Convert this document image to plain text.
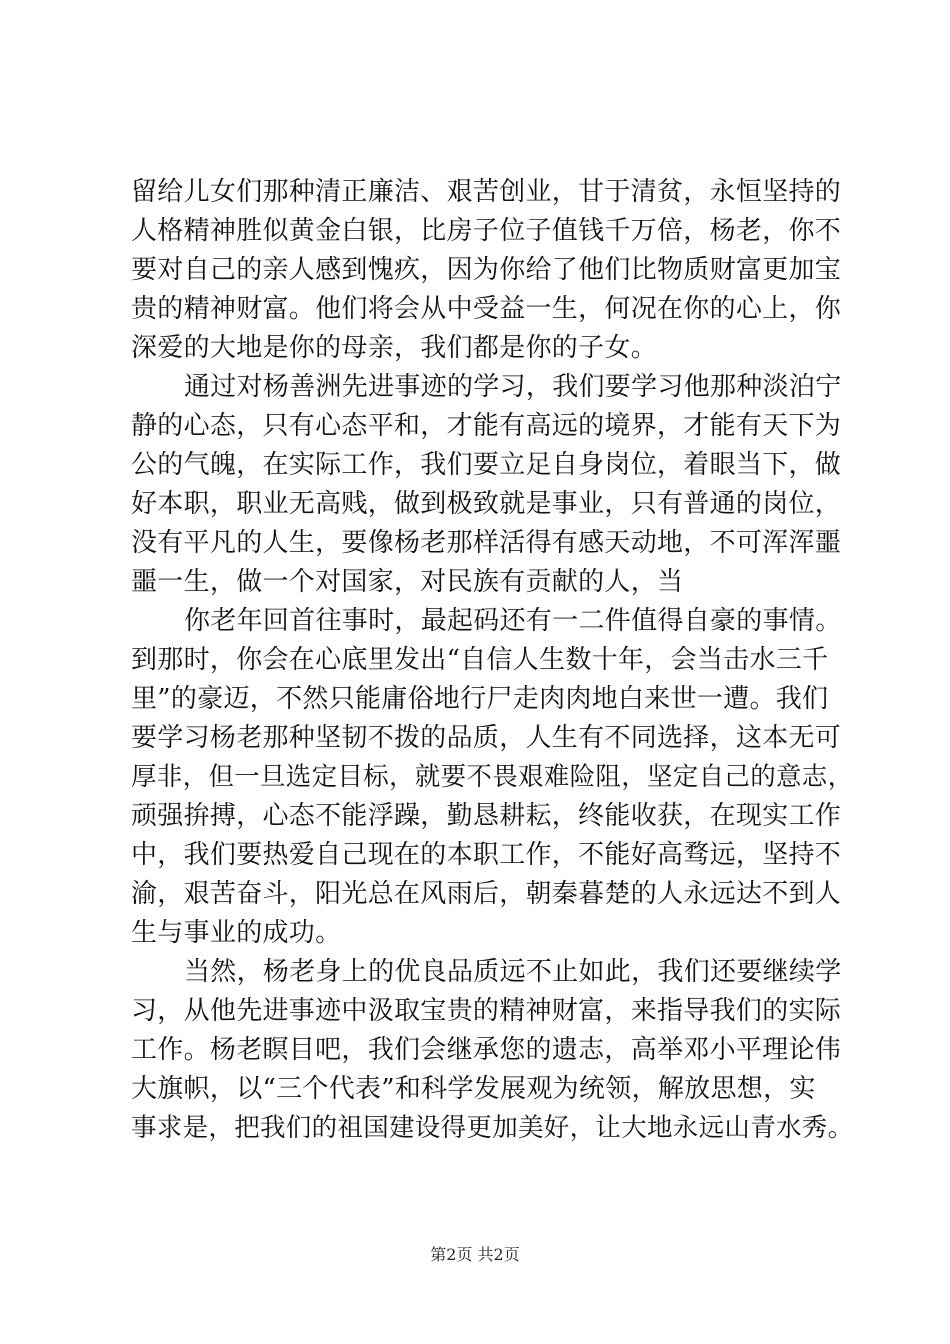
留给儿女们那种清正廉洁、艰苦创业，甘于清贫，永恒坚持的
人格精神胜似黄金白银，比房子位子值钱千万倍，杨老，你不
要对自己的亲人感到愧疚，因为你给了他们比物质财富更加宝
贵的精神财富。他们将会从中受益一生，何况在你的心上，你
深爱的大地是你的母亲，我们都是你的子女。
通过对杨善洲先进事迹的学习，我们要学习他那种淡泊宁
静的心态，只有心态平和，才能有高远的境界，才能有天下为
公的气魄，在实际工作，我们要立足自身岗位，着眼当下，做
好本职，职业无高贱，做到极致就是事业，只有普通的岗位，
没有平凡的人生，要像杨老那样活得有感天动地，不可浑浑噩
噩一生，做一个对国家，对民族有贡献的人，当
你老年回首往事时，最起码还有一二件值得自豪的事情。
到那时，你会在心底里发出“自信人生数十年，会当击水三千
里”的豪迈，不然只能庸俗地行尸走肉肉地白来世一遭。我们
要学习杨老那种坚韧不拨的品质，人生有不同选择，这本无可
厚非，但一旦选定目标，就要不畏艰难险阻，坚定自己的意志，
顽强拚搏，心态不能浮躁，勤恳耕耘，终能收获，在现实工作
中，我们要热爱自己现在的本职工作，不能好高骛远，坚持不
渝，艰苦奋斗，阳光总在风雨后，朝秦暮楚的人永远达不到人
生与事业的成功。
当然，杨老身上的优良品质远不止如此，我们还要继续学
习，从他先进事迹中汲取宝贵的精神财富，来指导我们的实际
工作。杨老瞑目吧，我们会继承您的遗志，高举邓小平理论伟
大旗帜，以“三个代表”和科学发展观为统领，解放思想，实
事求是，把我们的祖国建设得更加美好，让大地永远山青水秀。
第2页 共2页
